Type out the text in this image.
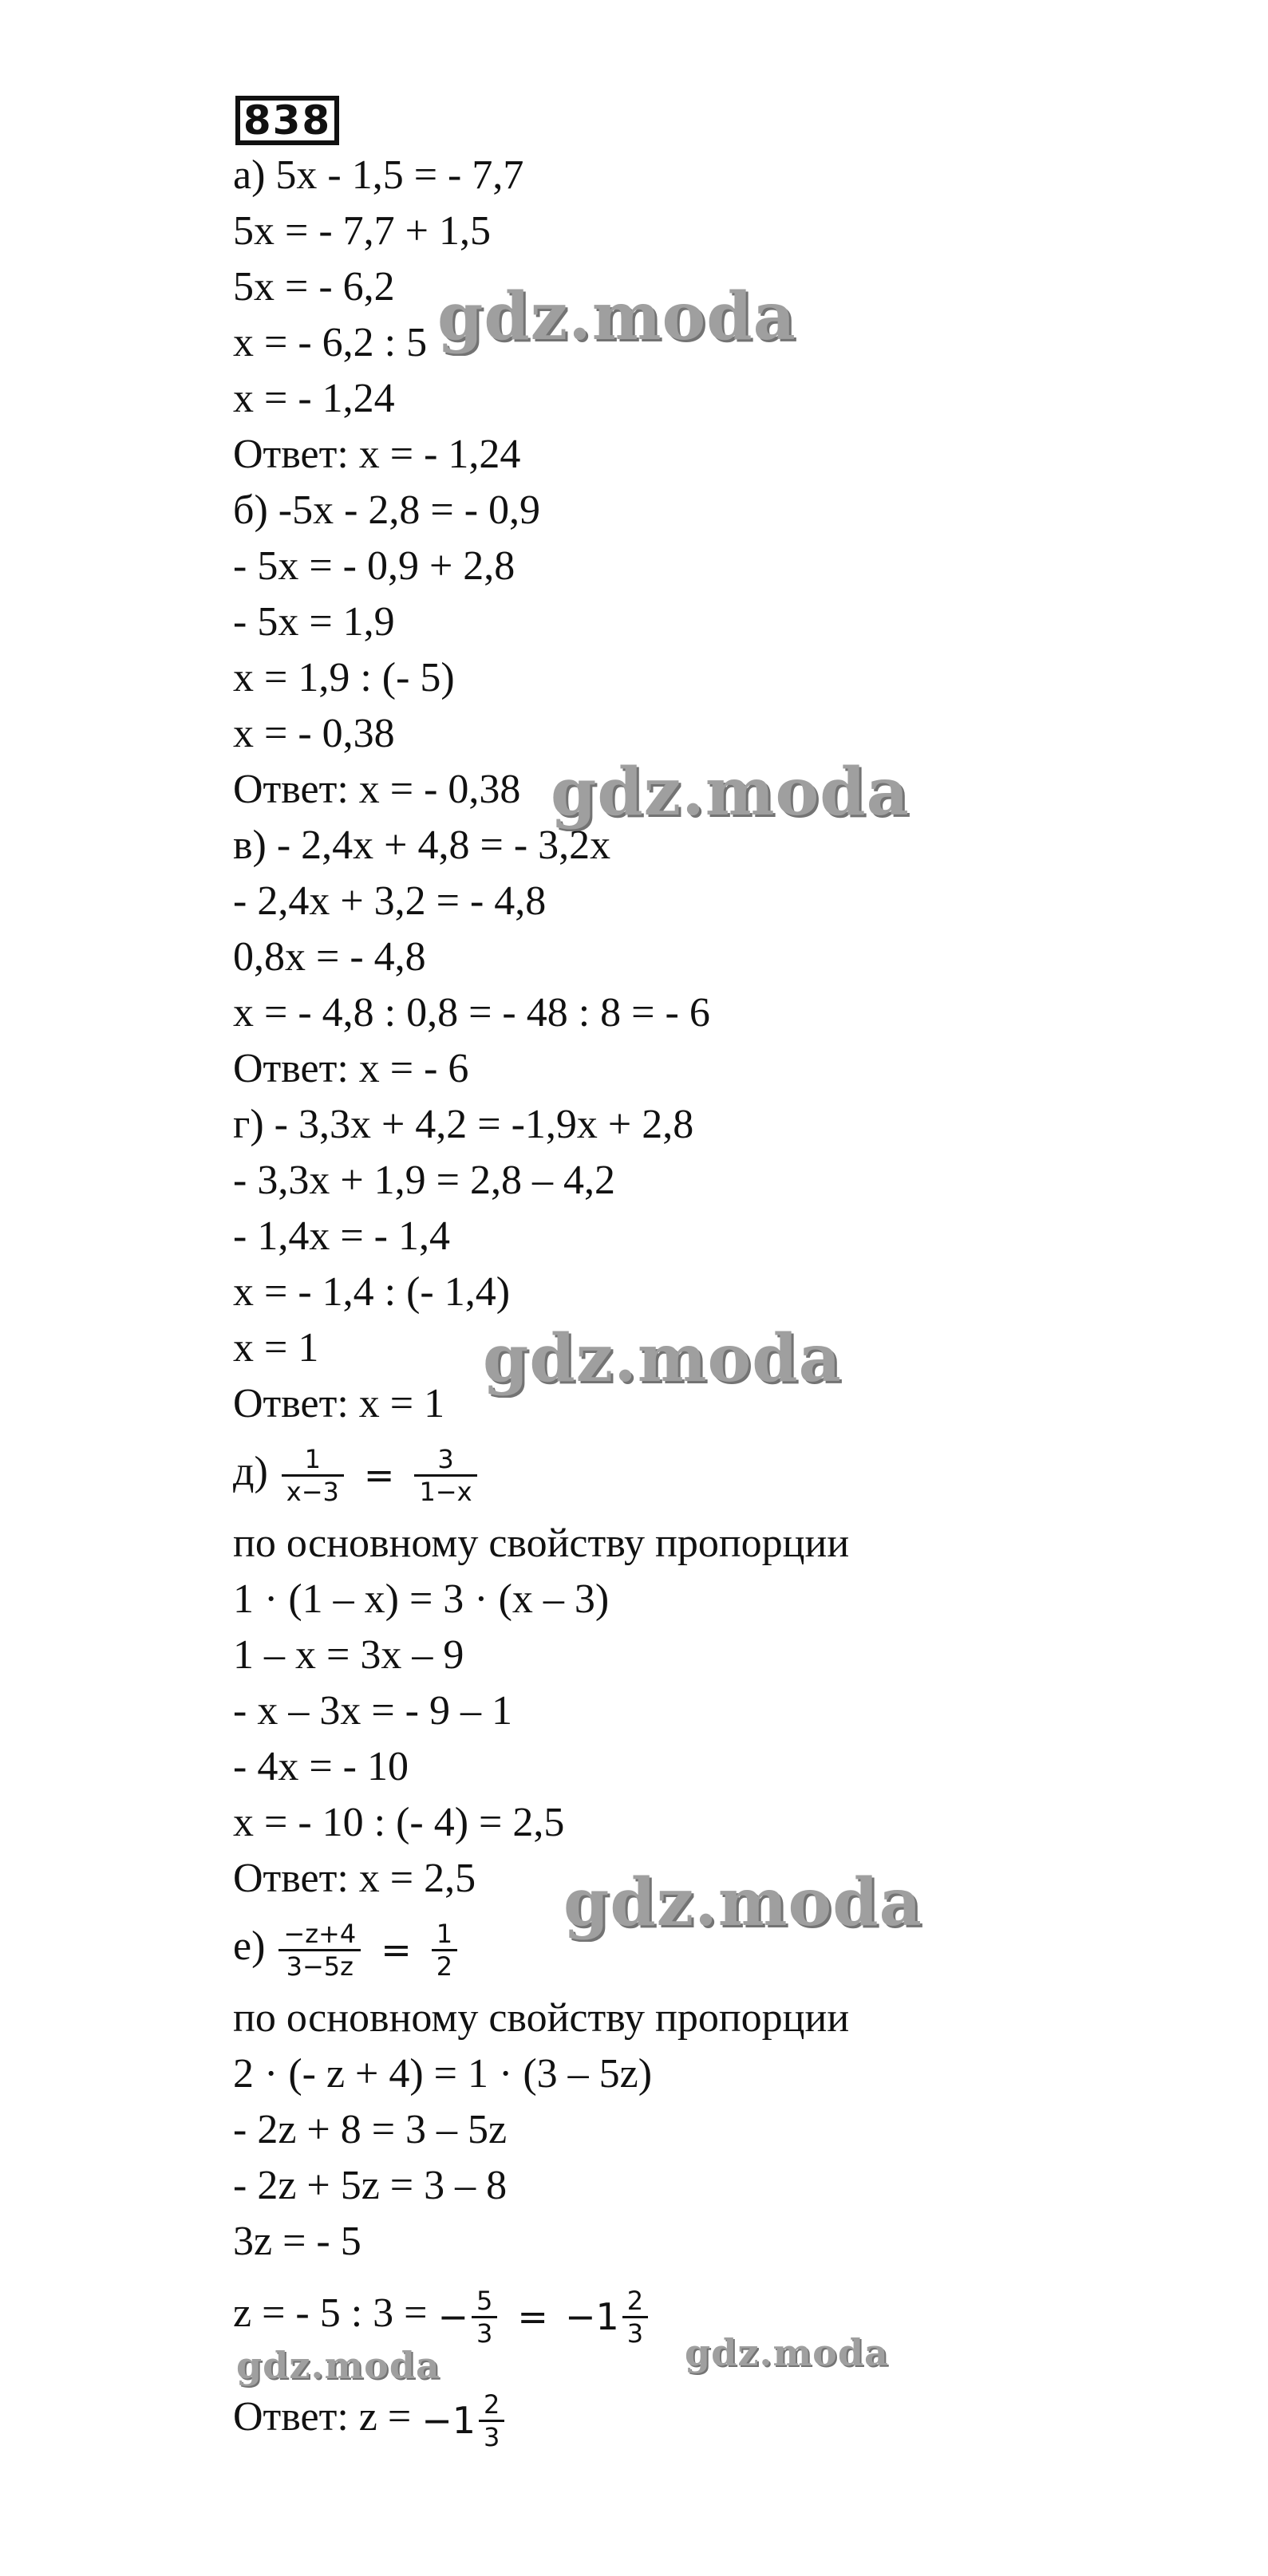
838
а) 5х - 1,5 = - 7,7
5х = - 7,7 + 1,5
5х = - 6,2
х = - 6,2 : 5
х = - 1,24
Ответ: х = - 1,24
б) -5х - 2,8 = - 0,9
- 5х = - 0,9 + 2,8
- 5х = 1,9
х = 1,9 : (- 5)
х = - 0,38
Ответ: х = - 0,38
в) - 2,4х + 4,8 = - 3,2х
- 2,4х + 3,2 = - 4,8
0,8х = - 4,8
х = - 4,8 : 0,8 = - 48 : 8 = - 6
Ответ: х = - 6
г) - 3,3х + 4,2 = -1,9х + 2,8
- 3,3х + 1,9 = 2,8 – 4,2
- 1,4х = - 1,4
х = - 1,4 : (- 1,4)
х = 1
Ответ: х = 1
$д) \frac{1}{x-3} = \frac{3}{1-x}$
по основному свойству пропорции
1 · (1 – х) = 3 · (х – 3)
1 – х = 3х – 9
- х – 3х = - 9 – 1
- 4х = - 10
х = - 10 : (- 4) = 2,5
Ответ: х = 2,5
$е) \frac{-z+4}{3-5z} = \frac{1}{2}$
по основному свойству пропорции
2 · (- z + 4) = 1 · (3 – 5z)
- 2z + 8 = 3 – 5z
- 2z + 5z = 3 – 8
3z = - 5
z = - 5 : 3 = − $\frac{5}{3} = -1 \frac{2}{3}$
Ответ: $z = -1 \frac{2}{3}$
gdz.moda
gdz.moda
gdz.moda
gdz.moda
gdz.moda	gdz.moda
